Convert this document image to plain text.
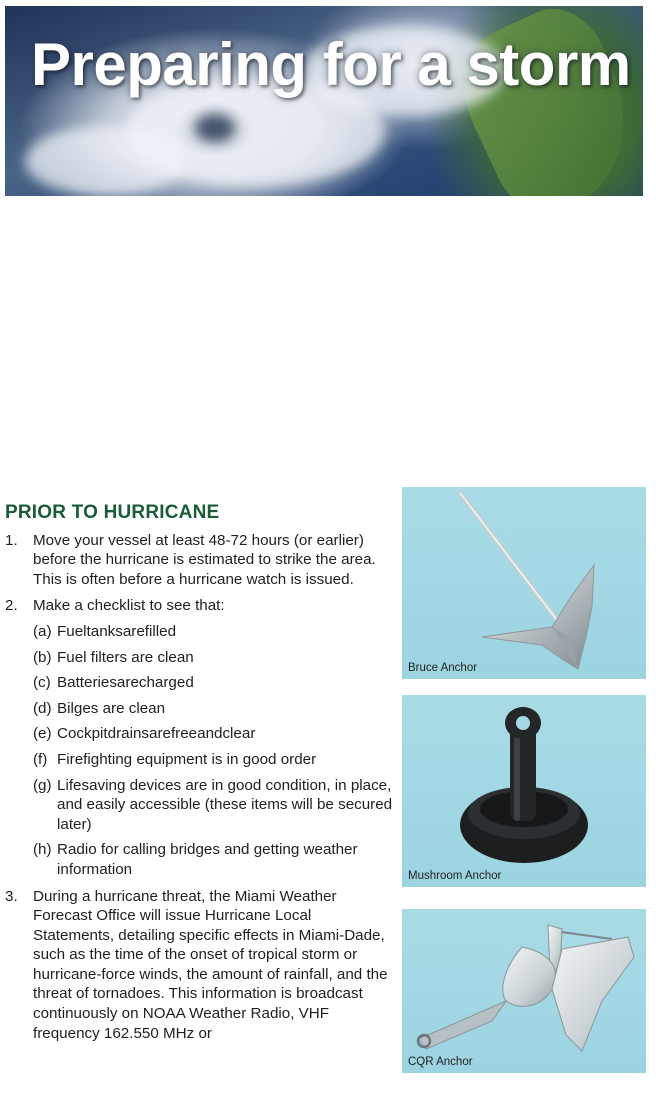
Preparing for a storm
PRIOR TO HURRICANE
1. Move your vessel at least 48-72 hours (or earlier) before the hurricane is estimated to strike the area. This is often before a hurricane watch is issued.
2. Make a checklist to see that:
(a) Fueltanksarefilled
(b) Fuel filters are clean
(c) Batteriesarecharged
(d) Bilges are clean
(e) Cockpitdrainsarefreeandclear
(f) Firefighting equipment is in good order
(g) Lifesaving devices are in good condition, in place, and easily accessible (these items will be secured later)
(h) Radio for calling bridges and getting weather information
3. During a hurricane threat, the Miami Weather Forecast Office will issue Hurricane Local Statements, detailing specific effects in Miami-Dade, such as the time of the onset of tropical storm or hurricane-force winds, the amount of rainfall, and the threat of tornadoes. This information is broadcast continuously on NOAA Weather Radio, VHF frequency 162.550 MHz or
Bruce Anchor
Mushroom Anchor
CQR Anchor
